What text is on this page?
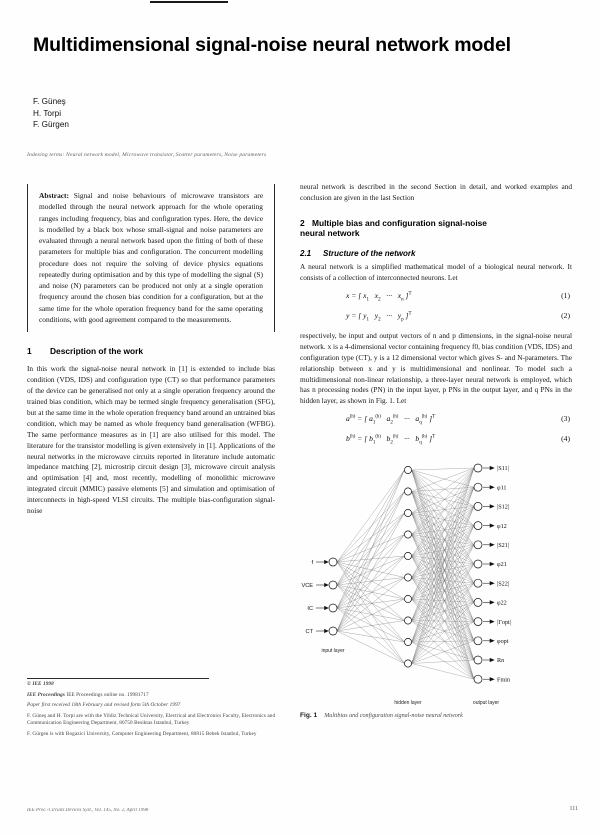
Multidimensional signal-noise neural network model
F. Güneş
H. Torpi
F. Gürgen
Indexing terms: Neural network model, Microwave transistor, Scatter parameters, Noise parameters
Abstract: Signal and noise behaviours of microwave transistors are modelled through the neural network approach for the whole operating ranges including frequency, bias and configuration types. Here, the device is modelled by a black box whose small-signal and noise parameters are evaluated through a neural network based upon the fitting of both of these parameters for multiple bias and configuration. The concurrent modelling procedure does not require the solving of device physics equations repeatedly during optimisation and by this type of modelling the signal (S) and noise (N) parameters can be produced not only at a single operation frequency around the chosen bias condition for a configuration, but at the same time for the whole operation frequency band for the same operating conditions, with good agreement compared to the measurements.
1	Description of the work

In this work the signal-noise neural network in [1] is extended to include bias condition (VDS, IDS) and configuration type (CT) so that performance parameters of the device can be generalised not only at a single operation frequency around the trained bias condition, which may be termed single frequency generalisation (SFG), but at the same time in the whole operation frequency band around an untrained bias condition, which may be named as whole frequency band generalisation (WFBG). The same performance measures as in [1] are also utilised for this model. The literature for the transistor modelling is given extensively in [1]. Applications of the neural networks in the microwave circuits reported in literature include automatic impedance matching [2], microstrip circuit design [3], microwave circuit analysis and optimisation [4] and, most recently, modelling of monolithic microwave integrated circuit (MMIC) passive elements [5] and simulation and optimisation of interconnects in high-speed VLSI circuits. The multiple bias-configuration signal-noise

neural network is described in the second Section in detail, and worked examples and conclusion are given in the last Section

2 Multiple bias and configuration signal-noise
neural network
2.1 Structure of the network

A neural network is a simplified mathematical model of a biological neural network. It consists of a collection of interconnected neurons. Let

x = [ $x_1$   $x_2$   ···   $x_n$ ]$^T$	(1)
y = [ $y_1$   $y_2$   ···   $y_p$ ]$^T$	(2)

respectively, be input and output vectors of n and p dimensions, in the signal-noise neural network. x is a 4-dimensional vector containing frequency f0, bias condition (VDS, IDS) and configuration type (CT), y is a 12 dimensional vector which gives S- and N-parameters. The relationship between x and y is multidimensional and nonlinear. To model such a multidimensional non-linear relationship, a three-layer neural network is employed, which has n processing nodes (PN) in the input layer, p PNs in the output layer, and q PNs in the hidden layer, as shown in Fig. 1. Let

$a^{(h)}$ = [ $a_1^{(h)}$ $a_2^{(h)}$   ···   $a_q^{(h)}$ ]$^T$	(3)
$b^{(h)}$ = [ $b_1^{(h)}$ $b_2^{(h)}$   ···   $b_q^{(h)}$ ]$^T$	(4)
f
VCE
IC
CT
|S11|
φ11
|S12|
φ12
|S21|
φ21
|S22|
φ22
|Γopt|
φopt
Rn
Fmin
input layer
hidden layer	output layer
Fig. 1 Multibias and configuration signal-noise neural network
© IEE 1998
IEE Proceedings IEE Proceedings online no. 19981717
Paper first received 18th February and revised form 5th October 1997
F. Güneş and H. Torpi are with the Yildiz Technical University, Electrical and Electronics Faculty, Electronics and Communication Engineering Department, 80750 Besiktas Istanbul, Turkey
F. Gürgen is with Bogazici University, Computer Engineering Department, 80815 Bebek Istanbul, Turkey
IEE Proc.-Circuits Devices Syst., Vol. 145, No. 2, April 1998	111
